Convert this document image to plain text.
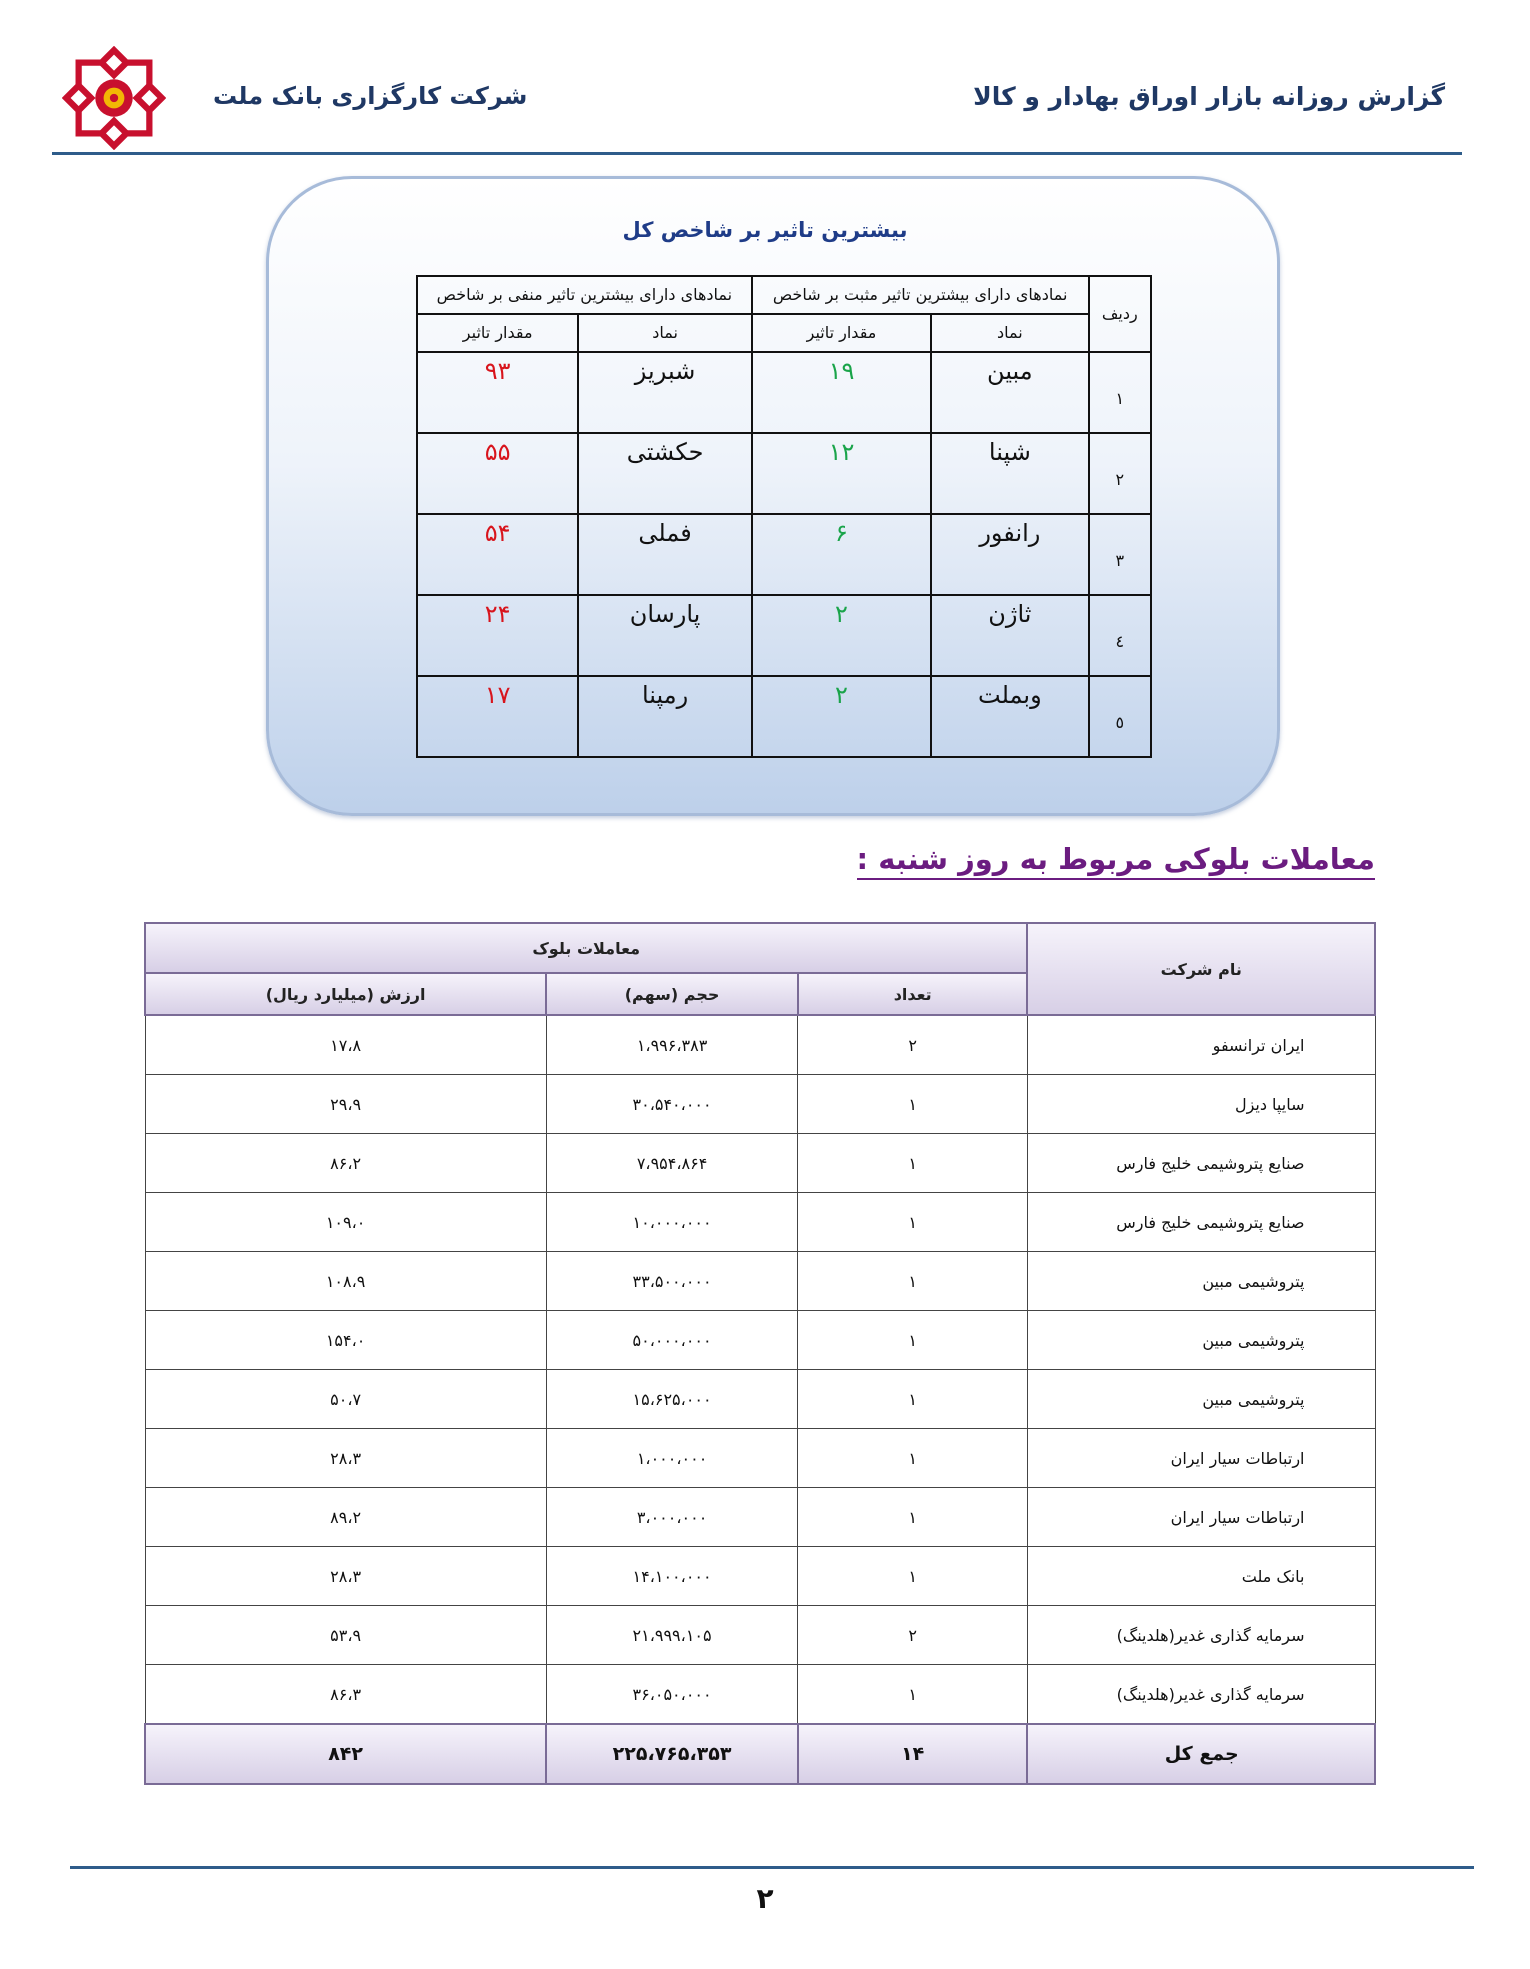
گزارش روزانه بازار اوراق بهادار و کالا
شرکت کارگزاری بانک ملت
بیشترین تاثیر بر شاخص کل
ردیف	نمادهای دارای بیشترین تاثیر مثبت بر شاخص		نمادهای دارای بیشترین تاثیر منفی بر شاخص	
	نماد	مقدار تاثیر	نماد	مقدار تاثیر
۱	مبین	۱۹	شبریز	۹۳
۲	شپنا	۱۲	حکشتی	۵۵
۳	رانفور	۶	فملی	۵۴
٤	ثاژن	۲	پارسان	۲۴
٥	وبملت	۲	رمپنا	۱۷
معاملات بلوکی مربوط به روز شنبه :
نام شرکت	معاملات بلوک		
	تعداد	حجم (سهم)	ارزش (میلیارد ریال)
ایران ترانسفو	۲	۱،۹۹۶،۳۸۳	۱۷،۸
سایپا دیزل	۱	۳۰،۵۴۰،۰۰۰	۲۹،۹
صنایع پتروشیمی خلیج فارس	۱	۷،۹۵۴،۸۶۴	۸۶،۲
صنایع پتروشیمی خلیج فارس	۱	۱۰،۰۰۰،۰۰۰	۱۰۹،۰
پتروشیمی مبین	۱	۳۳،۵۰۰،۰۰۰	۱۰۸،۹
پتروشیمی مبین	۱	۵۰،۰۰۰،۰۰۰	۱۵۴،۰
پتروشیمی مبین	۱	۱۵،۶۲۵،۰۰۰	۵۰،۷
ارتباطات سیار ایران	۱	۱،۰۰۰،۰۰۰	۲۸،۳
ارتباطات سیار ایران	۱	۳،۰۰۰،۰۰۰	۸۹،۲
بانک ملت	۱	۱۴،۱۰۰،۰۰۰	۲۸،۳
سرمایه گذاری غدیر(هلدینگ)	۲	۲۱،۹۹۹،۱۰۵	۵۳،۹
سرمایه گذاری غدیر(هلدینگ)	۱	۳۶،۰۵۰،۰۰۰	۸۶،۳
جمع کل	۱۴	۲۲۵،۷۶۵،۳۵۳	۸۴۲
۲
